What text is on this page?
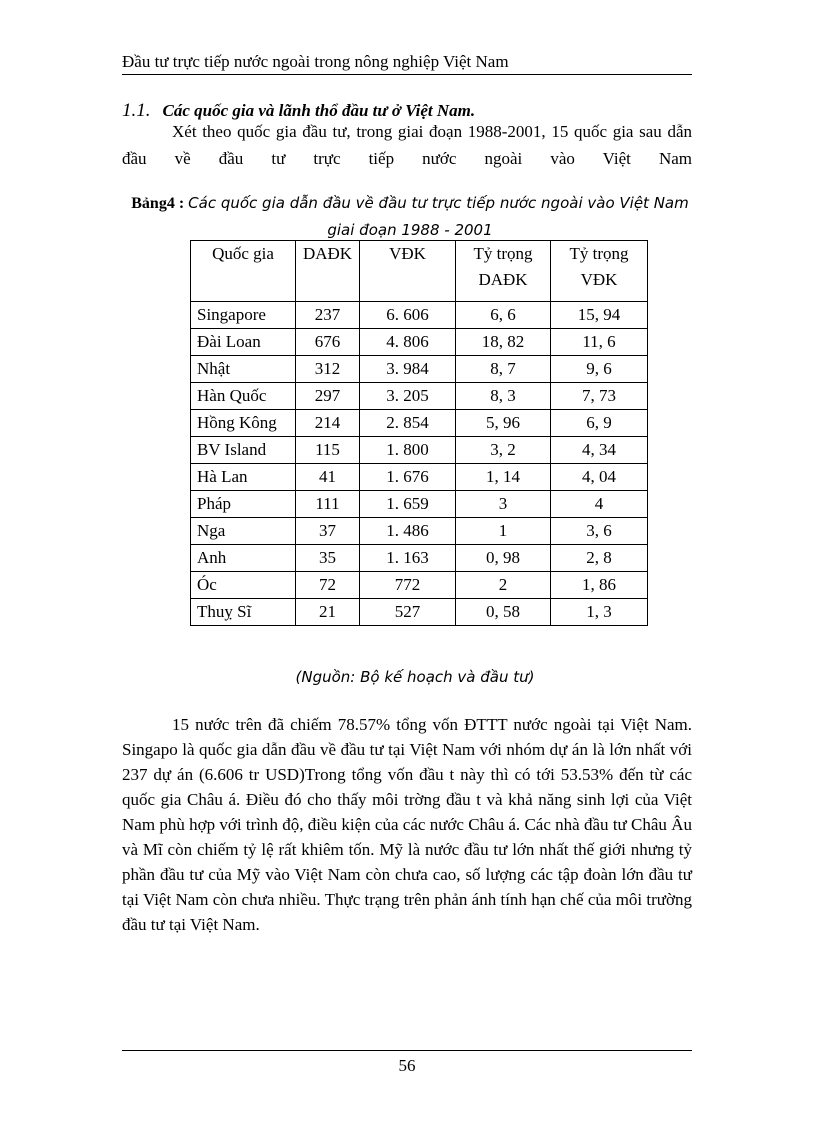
Đầu tư trực tiếp nước ngoài trong nông nghiệp Việt Nam
1.1. Các quốc gia và lãnh thổ đầu tư ở Việt Nam.

Xét theo quốc gia đầu tư, trong giai đoạn 1988-2001, 15 quốc gia sau dẫn đầu về đầu tư trực tiếp nước ngoài vào Việt Nam

Bảng4 : Các quốc gia dẫn đầu về đầu tư trực tiếp nước ngoài vào Việt Nam giai đoạn 1988 - 2001
Quốc gia	DAĐK	VĐK	Tỷ trọng DAĐK	Tỷ trọng VĐK
Singapore	237	6. 606	6, 6	15, 94
Đài Loan	676	4. 806	18, 82	11, 6
Nhật	312	3. 984	8, 7	9, 6
Hàn Quốc	297	3. 205	8, 3	7, 73
Hồng Kông	214	2. 854	5, 96	6, 9
BV Island	115	1. 800	3, 2	4, 34
Hà Lan	41	1. 676	1, 14	4, 04
Pháp	111	1. 659	3	4
Nga	37	1. 486	1	3, 6
Anh	35	1. 163	0, 98	2, 8
Óc	72	772	2	1, 86
Thuỵ Sĩ	21	527	0, 58	1, 3
(Nguồn: Bộ kế hoạch và đầu tư)

15 nước trên đã chiếm 78.57% tổng vốn ĐTTT nước ngoài tại Việt Nam. Singapo là quốc gia dẫn đầu về đầu tư tại Việt Nam với nhóm dự án là lớn nhất với 237 dự án (6.606 tr USD)Trong tổng vốn đầu t này thì có tới 53.53% đến từ các quốc gia Châu á. Điều đó cho thấy môi trờng đầu t và khả năng sinh lợi của Việt Nam phù hợp với trình độ, điều kiện của các nước Châu á. Các nhà đầu tư Châu Âu và Mĩ còn chiếm tỷ lệ rất khiêm tốn. Mỹ là nước đầu tư lớn nhất thế giới nhưng tỷ phần đầu tư của Mỹ vào Việt Nam còn chưa cao, số lượng các tập đoàn lớn đầu tư tại Việt Nam còn chưa nhiều. Thực trạng trên phản ánh tính hạn chế của môi trường đầu tư tại Việt Nam.

56
